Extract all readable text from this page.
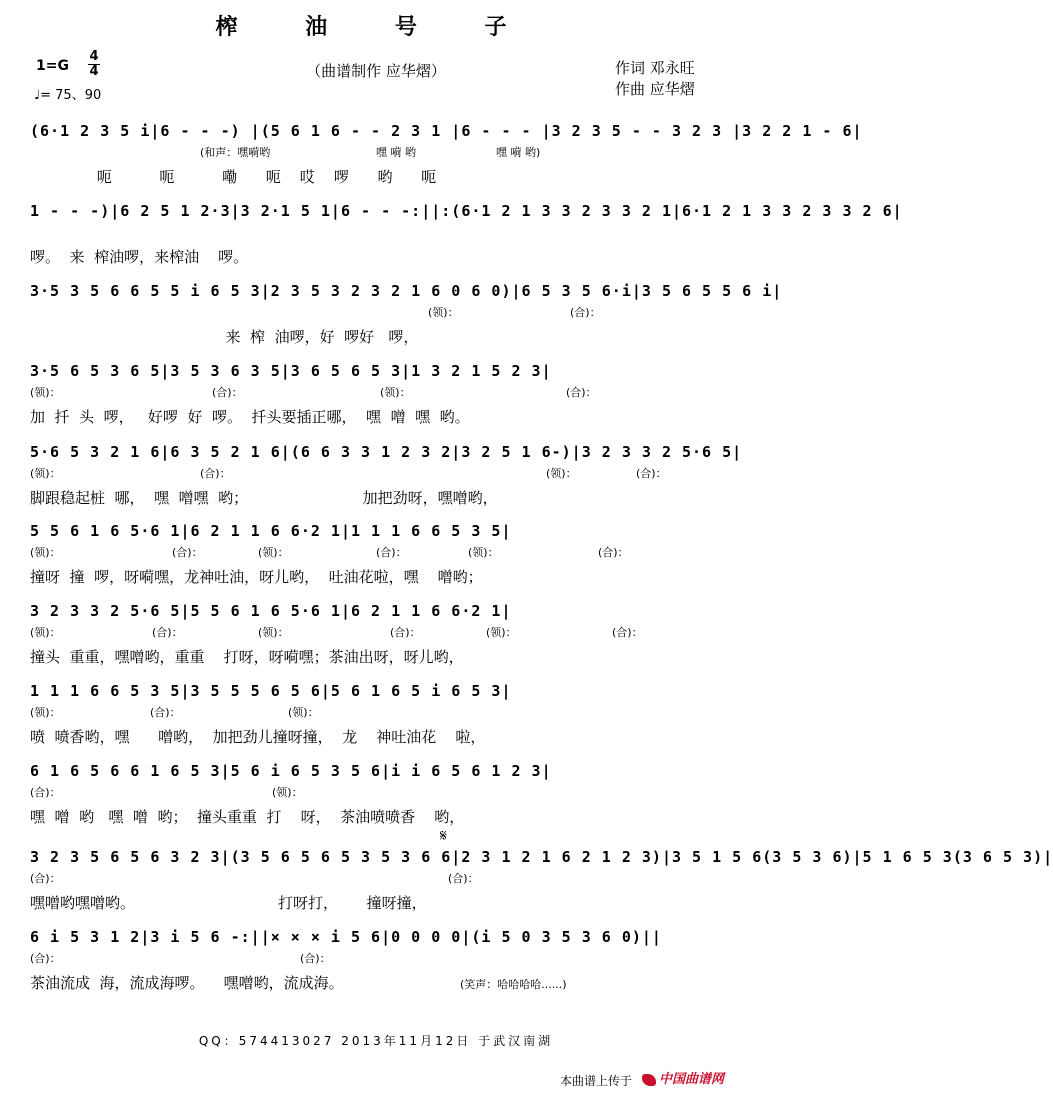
榨 油 号 子
1=G
4
4
♩= 75、90
（曲谱制作 应华熠）	作词 邓永旺
作曲 应华熠
(6·1 2 3 5 i|6 - - -) |(5 6 1 6 - - 2 3 1 |6 - - - |3 2 3 5 - - 3 2 3 |3 2 2 1 - 6|
(和声：嘿嗬哟	嘿 嗬 哟	嘿 嗬 哟)
呃          呃          嘞      呃    哎    啰      哟      呃
1 - - -)|6 2 5 1 2·3|3 2·1 5 1|6 - - -:||:(6·1 2 1 3 3 2 3 3 2 1|6·1 2 1 3 3 2 3 3 2 6|
啰。  来  榨油啰，来榨油    啰。
3·5 3 5 6 6 5 5 i 6 5 3|2 3 5 3 2 3 2 1 6 0 6 0)|6 5 3 5 6·i|3 5 6 5 5 6 i|
(领)：	(合)：
来  榨  油啰，好  啰好   啰，
3·5 6 5 3 6 5|3 5 3 6 3 5|3 6 5 6 5 3|1 3 2 1 5 2 3|
(领)：	(合)：	(领)：	(合)：
加  扦  头  啰，   好啰  好  啰。  扦头要插正哪，  嘿  噌  嘿  哟。
5·6 5 3 2 1 6|6 3 5 2 1 6|(6 6 3 3 1 2 3 2|3 2 5 1 6-)|3 2 3 3 2 5·6 5|
(领)：	(合)：	(领)：	(合)：
脚跟稳起桩  哪，  嘿  噌嘿  哟；                        加把劲呀，嘿噌哟，
5 5 6 1 6 5·6 1|6 2 1 1 6 6·2 1|1 1 1 6 6 5 3 5|
(领)：	(合)：	(领)：	(合)：	(领)：	(合)：
撞呀  撞  啰，呀嗬嘿，龙神吐油，呀儿哟，  吐油花啦，嘿    噌哟；
3 2 3 3 2 5·6 5|5 5 6 1 6 5·6 1|6 2 1 1 6 6·2 1|
(领)：	(合)：	(领)：	(合)：	(领)：	(合)：
撞头  重重，嘿噌哟，重重    打呀，呀嗬嘿；茶油出呀，呀儿哟，
1 1 1 6 6 5 3 5|3 5 5 5 6 5 6|5 6 1 6 5 i 6 5 3|
(领)：	(合)：	(领)：
喷  喷香哟，嘿      噌哟，  加把劲儿撞呀撞，  龙    神吐油花    啦，
6 1 6 5 6 6 1 6 5 3|5 6 i 6 5 3 5 6|i i 6 5 6 1 2 3|
(合)：	(领)：
嘿  噌  哟   嘿  噌  哟；  撞头重重  打    呀，  茶油喷喷香    哟，
3 2 3 5 6 5 6 3 2 3|(3 5 6 5 6 5 3 5 3 6 6|2 3 1 2 1 6 2 1 2 3)|3 5 1 5 6(3 5 3 6)|5 1 6 5 3(3 6 5 3)|
(合)：	(合)：
嘿噌哟嘿噌哟。                              打呀打，      撞呀撞，
6 i 5 3 1 2|3 i 5 6 -:||× × × i 5 6|0 0 0 0|(i 5 0 3 5 3 6 0)||
(合)：	(合)：
茶油流成  海，流成海啰。    嘿噌哟，流成海。	(笑声：哈哈哈哈......)
𝄋
QQ：574413027 2013年11月12日 于武汉南湖
本曲谱上传于	中国曲谱网
